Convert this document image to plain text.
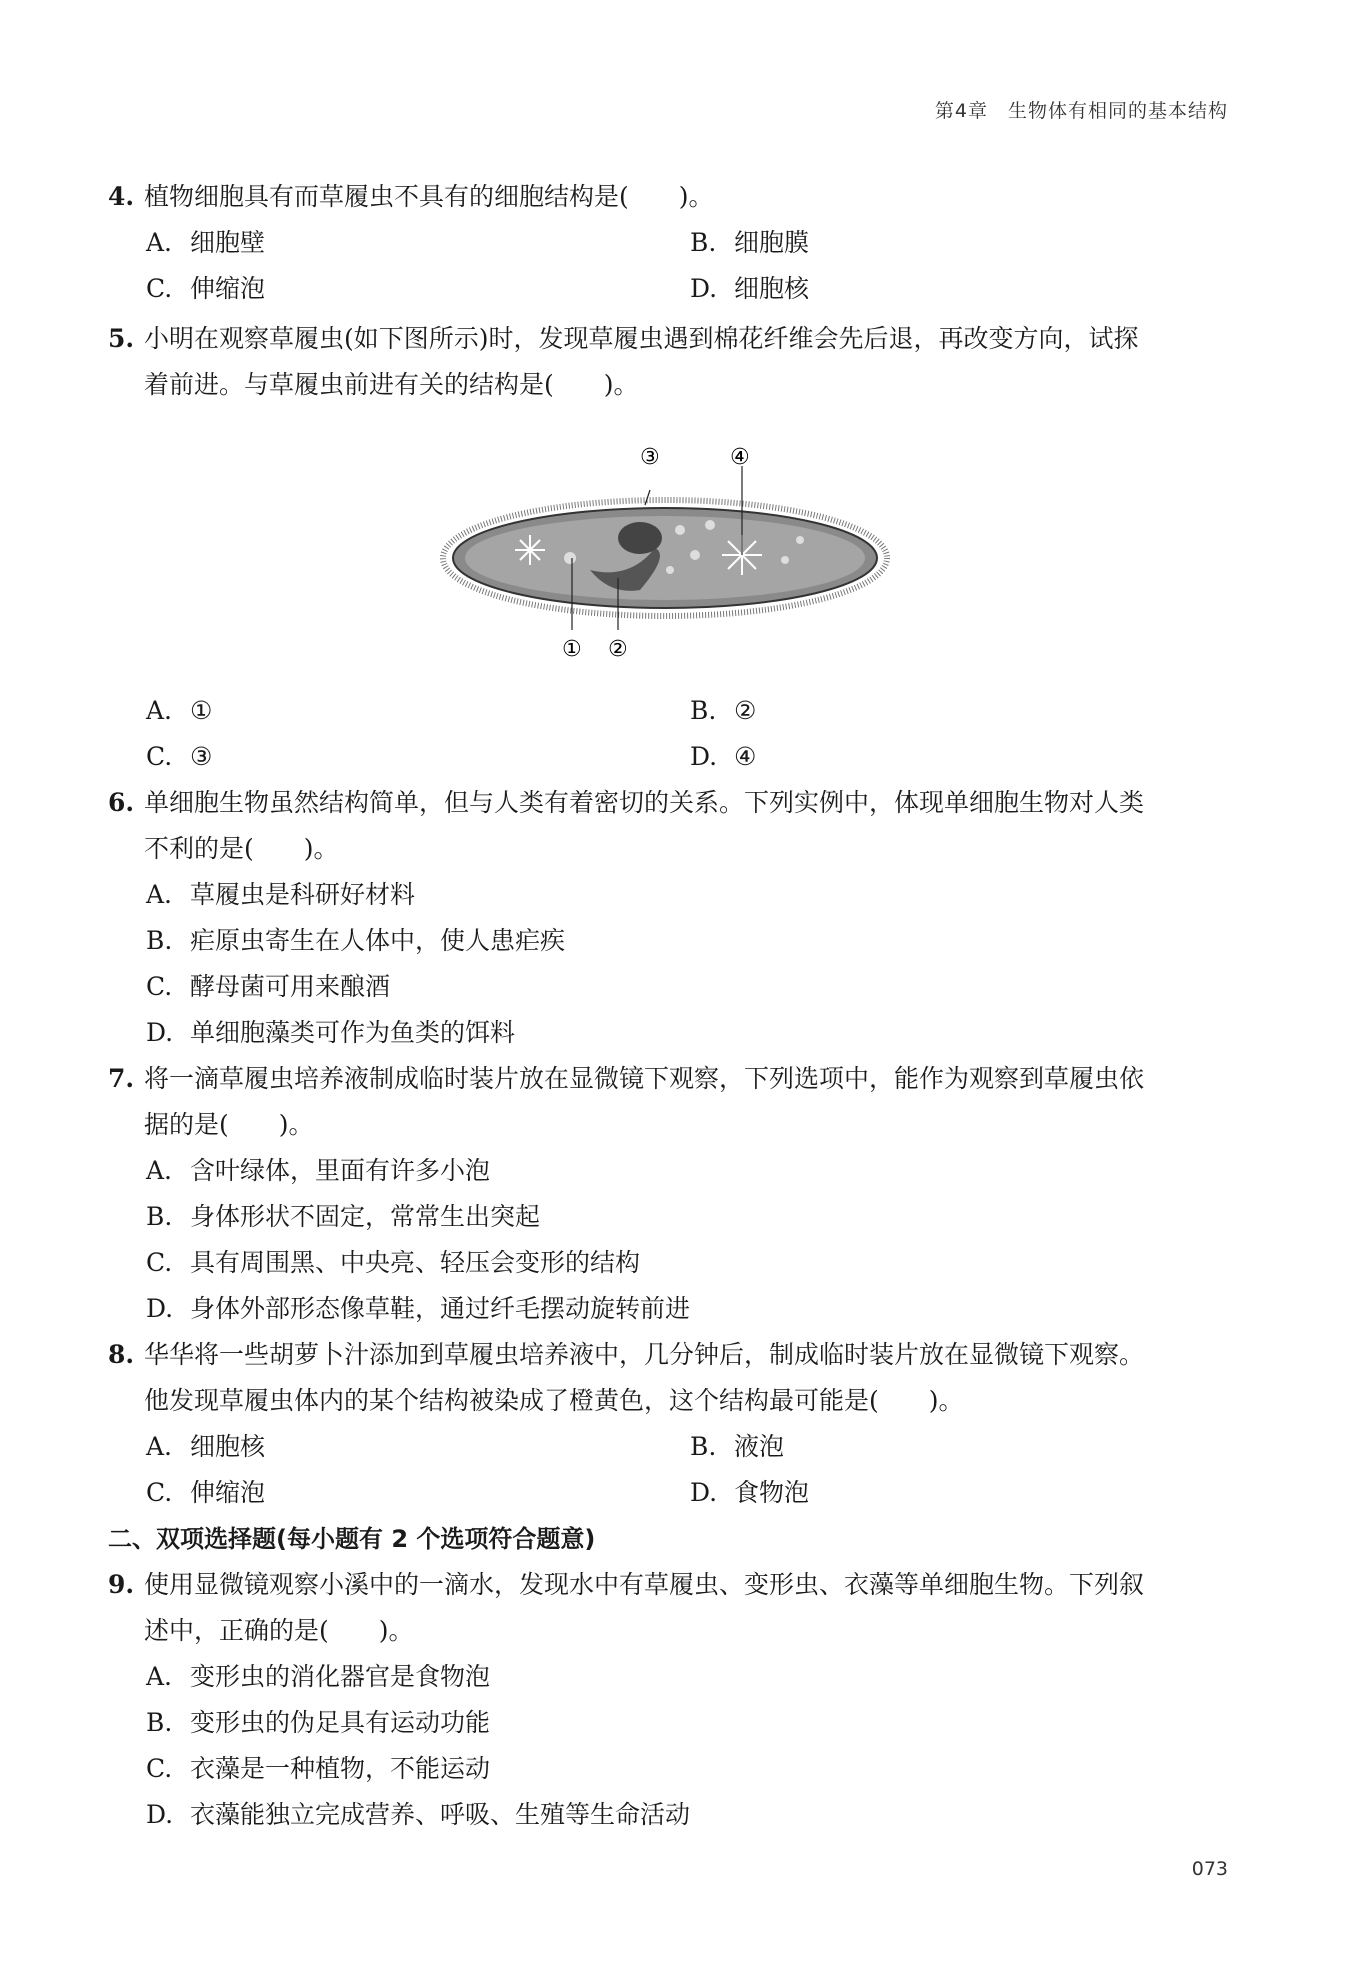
第4章　生物体有相同的基本结构
4. 植物细胞具有而草履虫不具有的细胞结构是(　　)。
A. 细胞壁	B. 细胞膜
C. 伸缩泡	D. 细胞核
5. 小明在观察草履虫(如下图所示)时，发现草履虫遇到棉花纤维会先后退，再改变方向，试探
着前进。与草履虫前进有关的结构是(　　)。
① ②
③	④
A. ①	B. ②
C. ③	D. ④
6. 单细胞生物虽然结构简单，但与人类有着密切的关系。下列实例中，体现单细胞生物对人类
不利的是(　　)。
A. 草履虫是科研好材料
B. 疟原虫寄生在人体中，使人患疟疾
C. 酵母菌可用来酿酒
D. 单细胞藻类可作为鱼类的饵料
7. 将一滴草履虫培养液制成临时装片放在显微镜下观察，下列选项中，能作为观察到草履虫依
据的是(　　)。
A. 含叶绿体，里面有许多小泡
B. 身体形状不固定，常常生出突起
C. 具有周围黑、中央亮、轻压会变形的结构
D. 身体外部形态像草鞋，通过纤毛摆动旋转前进
8. 华华将一些胡萝卜汁添加到草履虫培养液中，几分钟后，制成临时装片放在显微镜下观察。
他发现草履虫体内的某个结构被染成了橙黄色，这个结构最可能是(　　)。
A. 细胞核	B. 液泡
C. 伸缩泡	D. 食物泡
二、双项选择题(每小题有 2 个选项符合题意)
9. 使用显微镜观察小溪中的一滴水，发现水中有草履虫、变形虫、衣藻等单细胞生物。下列叙
述中，正确的是(　　)。
A. 变形虫的消化器官是食物泡
B. 变形虫的伪足具有运动功能
C. 衣藻是一种植物，不能运动
D. 衣藻能独立完成营养、呼吸、生殖等生命活动
073
